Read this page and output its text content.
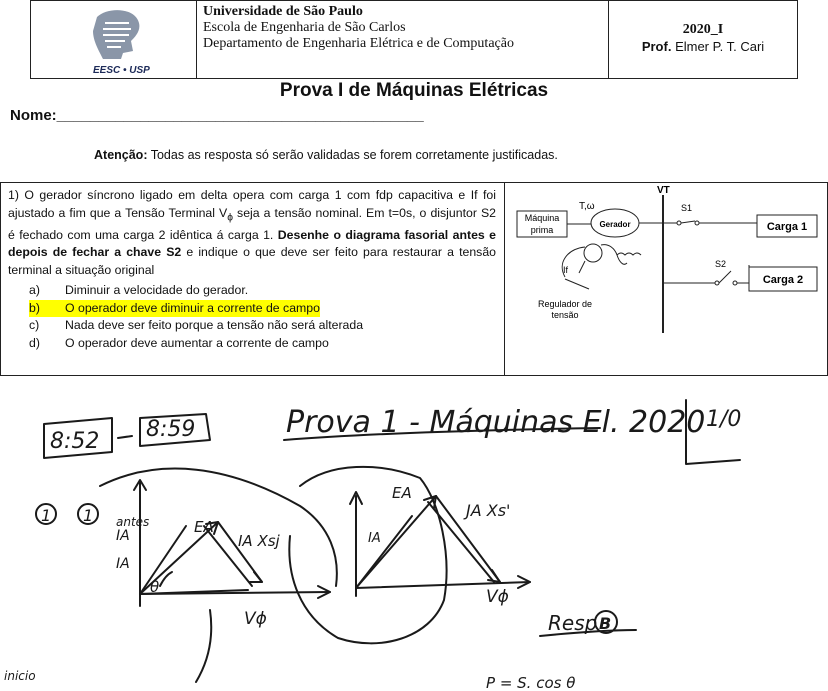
EESC • USP
Universidade de São Paulo
Escola de Engenharia de São Carlos
Departamento de Engenharia Elétrica e de Computação
2020_I
Prof. Elmer P. T. Cari
Prova I de Máquinas Elétricas
Nome:____________________________________________
Atenção: Todas as resposta só serão validadas se forem corretamente justificadas.
1) O gerador síncrono ligado em delta opera com carga 1 com fdp capacitiva e If foi ajustado a fim que a Tensão Terminal $V_\phi$ seja a tensão nominal. Em t=0s, o disjuntor S2 é fechado com uma carga 2 idêntica á carga 1. Desenhe o diagrama fasorial antes e depois de fechar a chave S2 e indique o que deve ser feito para restaurar a tensão terminal a situação original
a)	Diminuir a velocidade do gerador.
b)	O operador deve diminuir a corrente de campo
c)	Nada deve ser feito porque a tensão não será alterada
d)	O operador deve aumentar a corrente de campo
Máquina
prima
T,ω
Gerador
VT
S1
Carga 1
S2
Carga 2
If
Regulador de
tensão
8:52 8:59	Prova 1 - Máquinas El. 2020 1/0
1 1 antes
IA
IA
EA
IA Xsj
θ
Vϕ
EA
IA
JA Xs'
Vϕ
Resp B
P = S. cos θ
inicio
